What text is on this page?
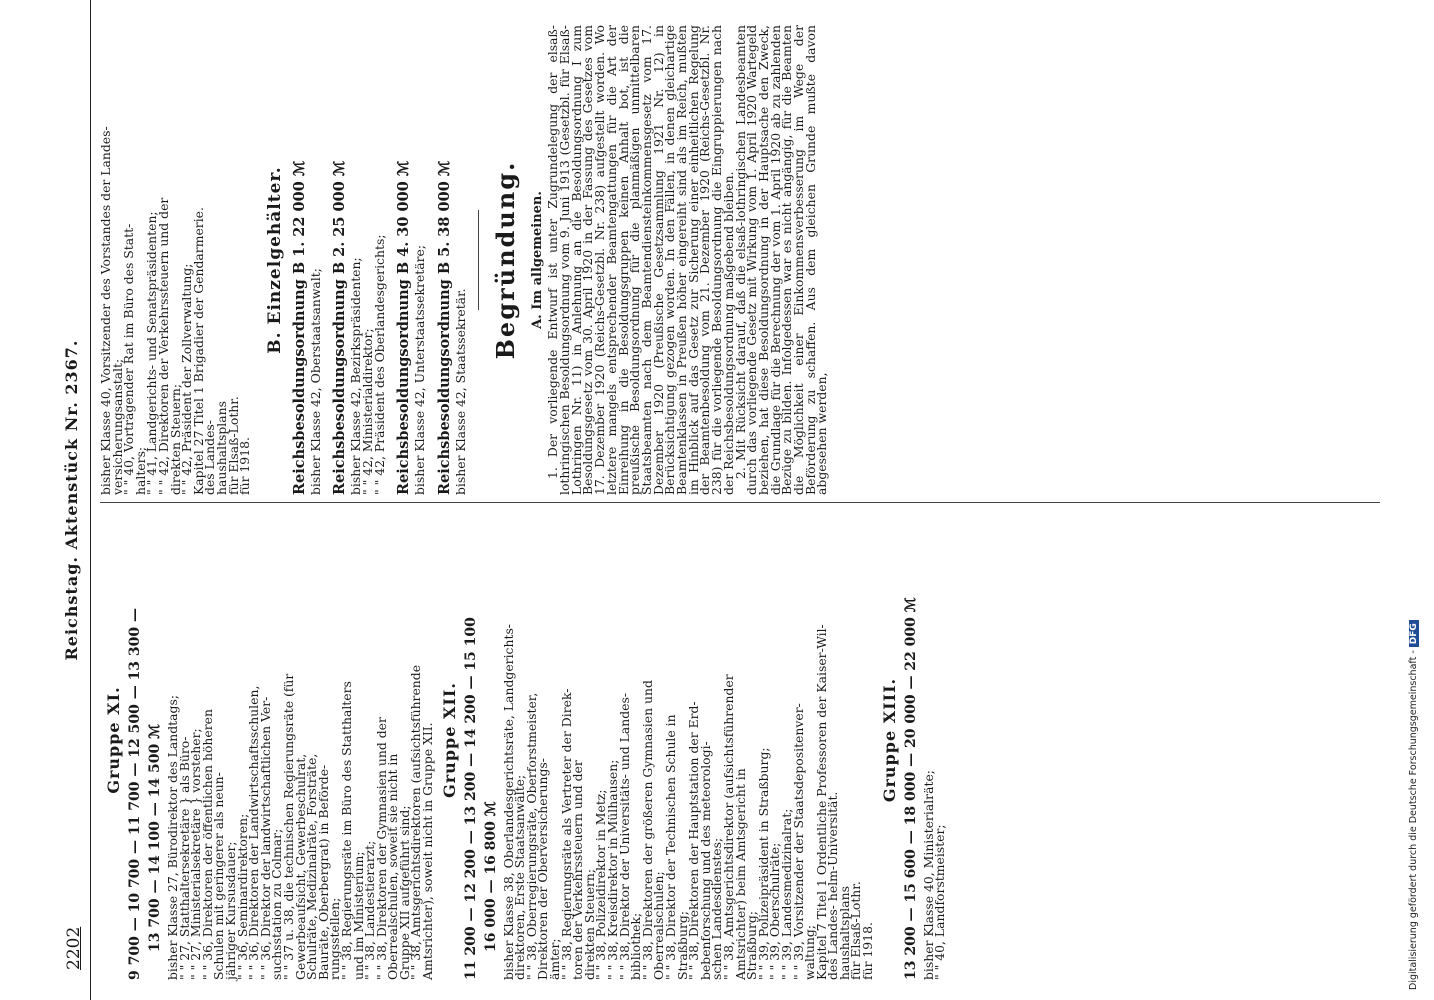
2202
Reichstag. Aktenstück Nr. 2367.
Gruppe XI. 9 700 — 10 700 — 11 700 — 12 500 — 13 300 — 13 700 — 14 100 — 14 500 ℳ bisher Klasse 27, Bürodirektor des Landtags;
" " 27, Statthaltersekretäre } als Büro-
" " 27, Ministerialsekretäre } vorsteher;
" " 36, Direktoren der öffentlichen höheren
Schulen mit geringerer als neun-
jähriger Kursusdauer;
" " 36, Seminardirektoren;
" " 36, Direktoren der Landwirtschaftsschulen,
" " 36, Direktor der landwirtschaftlichen Ver-
suchsstation zu Colmar;
" " 37 u. 38, die technischen Regierungsräte (für
Gewerbeaufsicht, Gewerbeschulrat,
Schulräte, Medizinalräte, Forsträte,
Bauräte, Oberbergrat) in Beförde-
rungsstellen;
" " 38, Regierungsräte im Büro des Statthalters
und im Ministerium;
" " 38, Landestierarzt;
" " 38, Direktoren der Gymnasien und der
Oberrealschulen, soweit sie nicht in
Gruppe XII aufgeführt sind;
" " 38, Amtsgerichtsdirektoren (aufsichtsführende
Amtsrichter), soweit nicht in Gruppe XII. Gruppe XII. 11 200 — 12 200 — 13 200 — 14 200 — 15 100 16 000 — 16 800 ℳ bisher Klasse 38, Oberlandesgerichtsräte, Landgerichts-
direktoren, Erste Staatsanwälte;
" " 38, Oberregierungsräte, Oberforstmeister,
Direktoren der Oberversicherungs-
ämter;
" " 38, Regierungsräte als Vertreter der Direk-
toren der Verkehrssteuern und der
direkten Steuern;
" " 38, Polizeidirektor in Metz;
" " 38, Kreisdirektor in Mülhausen;
" " 38, Direktor der Universitäts- und Landes-
bibliothek;
" " 38, Direktoren der größeren Gymnasien und
Oberrealschulen;
" " 38, Direktor der Technischen Schule in
Straßburg;
" " 38, Direktoren der Hauptstation der Erd-
bebenforschung und des meteorologi-
schen Landesdienstes;
" " 38, Amtsgerichtsdirektor (aufsichtsführender
Amtsrichter) beim Amtsgericht in
Straßburg;
" " 39, Polizeipräsident in Straßburg;
" " 39, Oberschulräte;
" " 39, Landesmedizinalrat;
" " 39, Vorsitzender der Staatsdepositenver-
waltung;
Kapitel 7 Titel 1 Ordentliche Professoren der Kaiser-Wil-
des Landes- helm-Universität.
haushaltsplans
für Elsaß-Lothr.
für 1918.
Gruppe XIII. 13 200 — 15 600 — 18 000 — 20 000 — 22 000 ℳ bisher Klasse 40, Ministerialräte;
" " 40, Landforstmeister;
bisher Klasse 40, Vorsitzender des Vorstandes der Landes-
versicherungsanstalt;
" " 40, Vortragender Rat im Büro des Statt-
halters;
" " 41, Landgerichts- und Senatspräsidenten;
" " 42, Direktoren der Verkehrssteuern und der
direkten Steuern;
" " 42, Präsident der Zollverwaltung;
Kapitel 27 Titel 1 Brigadier der Gendarmerie.
des Landes-
haushaltsplans
für Elsaß-Lothr.
für 1918.
B. Einzelgehälter. Reichsbesoldungsordnung B 1. 22 000 ℳ bisher Klasse 42, Oberstaatsanwalt; Reichsbesoldungsordnung B 2. 25 000 ℳ bisher Klasse 42, Bezirkspräsidenten;
" " 42, Ministerialdirektor;
" " 42, Präsident des Oberlandesgerichts; Reichsbesoldungsordnung B 4. 30 000 ℳ bisher Klasse 42, Unterstaatssekretäre; Reichsbesoldungsordnung B 5. 38 000 ℳ bisher Klasse 42, Staatssekretär.
Begründung. A. Im allgemeinen. 1. Der vorliegende Entwurf ist unter Zugrundelegung der elsaß-lothringischen Besoldungsordnung vom 9. Juni 1913 (Gesetzbl. für Elsaß-Lothringen Nr. 11) in Anlehnung an die Besoldungsordnung I zum Besoldungsgesetz vom 30. April 1920 in der Fassung des Gesetzes vom 17. Dezember 1920 (Reichs-Gesetzbl. Nr. 238) aufgestellt worden. Wo letztere mangels entsprechender Beamtengattungen für die Art der Einreihung in die Besoldungsgruppen keinen Anhalt bot, ist die preußische Besoldungsordnung für die planmäßigen unmittelbaren Staatsbeamten nach dem Beamtendiensteinkommensgesetz vom 17. Dezember 1920 (Preußische Gesetzsammlung 1921 Nr. 12) in Berücksichtigung gezogen worden. In den Fällen, in denen gleichartige Beamtenklassen in Preußen höher eingereiht sind als im Reich, mußten im Hinblick auf das Gesetz zur Sicherung einer einheitlichen Regelung der Beamtenbesoldung vom 21. Dezember 1920 (Reichs-Gesetzbl. Nr. 238) für die vorliegende Besoldungsordnung die Eingruppierungen nach der Reichsbesoldungsordnung maßgebend bleiben.

2. Mit Rücksicht darauf, daß die elsaß-lothringischen Landesbeamten durch das vorliegende Gesetz mit Wirkung vom 1. April 1920 Wartegeld beziehen, hat diese Besoldungsordnung in der Hauptsache den Zweck, die Grundlage für die Berechnung der vom 1. April 1920 ab zu zahlenden Bezüge zu bilden. Infolgedessen war es nicht angängig, für die Beamten die Möglichkeit einer Einkommensverbesserung im Wege der Beförderung zu schaffen. Aus dem gleichen Grunde mußte davon abgesehen werden,

Digitalisierung gefördert durch die Deutsche Forschungsgemeinschaft - DFG
